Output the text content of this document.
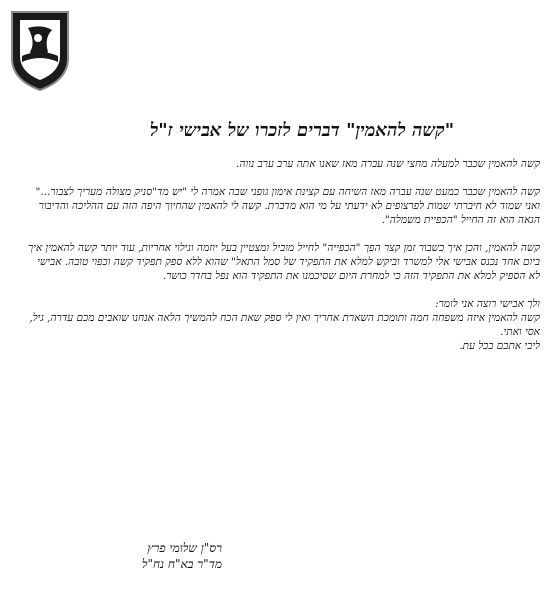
"קשה להאמין" דברים לזכרו של אבישי ז"ל

קשה להאמין שכבר למעלה מחצי שנה עברה מאז שאנו אתה ערב ערב נווה.

קשה להאמין שכבר כמעט שנה עברה מאז השיחה עם קצינת אימון גופני שבה אמרה לי "יש מד"סניק מצולה מעריך לצבור..." ואני שמוד לא חיברתי שמות לפרצופים לא ידעתי על מי הוא מדברת. קשה לי להאמין שהחיוך היפה הזה עם ההליכה והדיבור הגאה הוא זה החייל "הכפיית משמלה".

קשה להאמין, והכן איך כשבור זמן קצר הפך "הכפייה" לחייל מוביל ומצטיין בעל יוזמה וגילוי אחריות, עוד יותר קשה להאמין איך ביום אחד נכנס אבישי אלי למשרד וביקש למלא את התפקיד של סמל התאל" שהוא ללא ספק תפקיד קשה וכפוי טובה. אבישי לא הספיק למלא את התפקיד הזה כי למחרת היום שסיכמנו את התפקיד הוא נפל בחדר כושר.

ולך אבישי רוצה אני לומר:

קשה להאמין איזה משפחה חמה ותומכת השארת אחריך ואין לי ספק שאת הכח להמשיך הלאה אנחנו שואבים מכם עדרה, גיל, אסי ואתי.

ליבי אתכם בכל עת.

רס"ן שלומי פרץ
מד"ר בא"ח נח"ל
